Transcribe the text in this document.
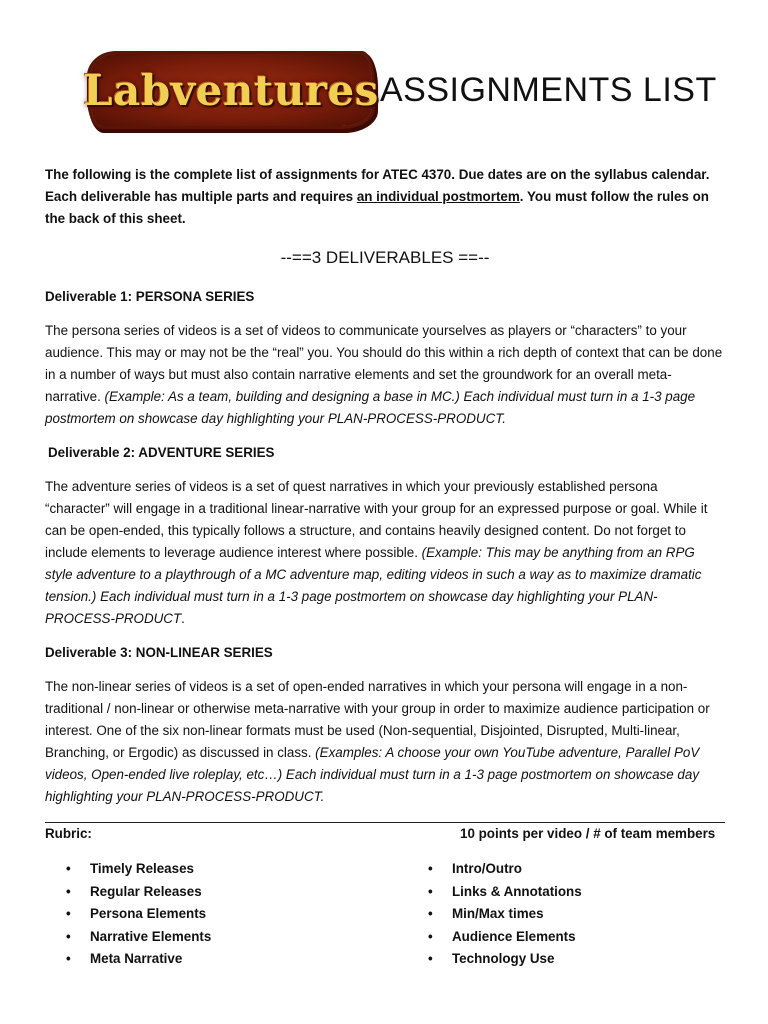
Labventures ASSIGNMENTS LIST
The following is the complete list of assignments for ATEC 4370. Due dates are on the syllabus calendar. Each deliverable has multiple parts and requires an individual postmortem. You must follow the rules on the back of this sheet.
--==3 DELIVERABLES ==--
Deliverable 1: PERSONA SERIES
The persona series of videos is a set of videos to communicate yourselves as players or “characters” to your audience. This may or may not be the “real” you. You should do this within a rich depth of context that can be done in a number of ways but must also contain narrative elements and set the groundwork for an overall meta-narrative. (Example: As a team, building and designing a base in MC.) Each individual must turn in a 1-3 page postmortem on showcase day highlighting your PLAN-PROCESS-PRODUCT.
Deliverable 2: ADVENTURE SERIES
The adventure series of videos is a set of quest narratives in which your previously established persona “character” will engage in a traditional linear-narrative with your group for an expressed purpose or goal. While it can be open-ended, this typically follows a structure, and contains heavily designed content. Do not forget to include elements to leverage audience interest where possible. (Example: This may be anything from an RPG style adventure to a playthrough of a MC adventure map, editing videos in such a way as to maximize dramatic tension.) Each individual must turn in a 1-3 page postmortem on showcase day highlighting your PLAN-PROCESS-PRODUCT.
Deliverable 3: NON-LINEAR SERIES
The non-linear series of videos is a set of open-ended narratives in which your persona will engage in a non-traditional / non-linear or otherwise meta-narrative with your group in order to maximize audience participation or interest. One of the six non-linear formats must be used (Non-sequential, Disjointed, Disrupted, Multi-linear, Branching, or Ergodic) as discussed in class. (Examples: A choose your own YouTube adventure, Parallel PoV videos, Open-ended live roleplay, etc…) Each individual must turn in a 1-3 page postmortem on showcase day highlighting your PLAN-PROCESS-PRODUCT.
Rubric:	10 points per video / # of team members
• Timely Releases
• Regular Releases
• Persona Elements
• Narrative Elements
• Meta Narrative
• Intro/Outro
• Links & Annotations
• Min/Max times
• Audience Elements
• Technology Use
